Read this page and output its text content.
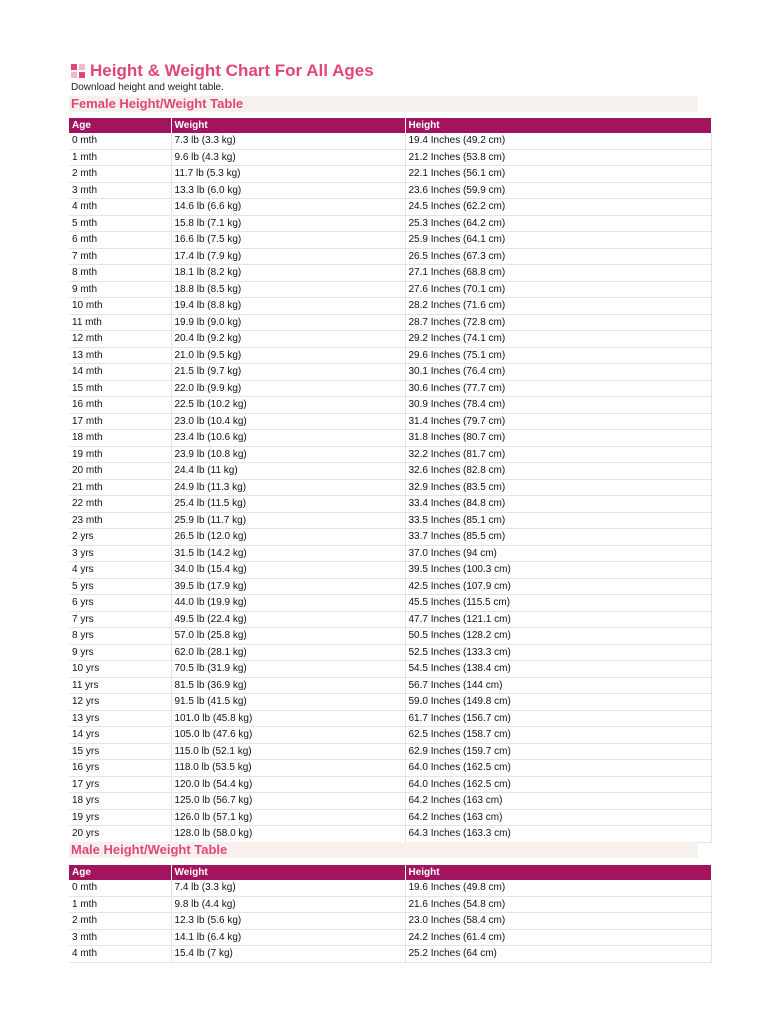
Height & Weight Chart For All Ages
Download height and weight table.
Female Height/Weight Table
Age	Weight	Height
0 mth	7.3 lb (3.3 kg)	19.4 Inches (49.2 cm)
1 mth	9.6 lb (4.3 kg)	21.2 Inches (53.8 cm)
2 mth	11.7 lb (5.3 kg)	22.1 Inches (56.1 cm)
3 mth	13.3 lb (6.0 kg)	23.6 Inches (59.9 cm)
4 mth	14.6 lb (6.6 kg)	24.5 Inches (62.2 cm)
5 mth	15.8 lb (7.1 kg)	25.3 Inches (64.2 cm)
6 mth	16.6 lb (7.5 kg)	25.9 Inches (64.1 cm)
7 mth	17.4 lb (7.9 kg)	26.5 Inches (67.3 cm)
8 mth	18.1 lb (8.2 kg)	27.1 Inches (68.8 cm)
9 mth	18.8 lb (8.5 kg)	27.6 Inches (70.1 cm)
10 mth	19.4 lb (8.8 kg)	28.2 Inches (71.6 cm)
11 mth	19.9 lb (9.0 kg)	28.7 Inches (72.8 cm)
12 mth	20.4 lb (9.2 kg)	29.2 Inches (74.1 cm)
13 mth	21.0 lb (9.5 kg)	29.6 Inches (75.1 cm)
14 mth	21.5 lb (9.7 kg)	30.1 Inches (76.4 cm)
15 mth	22.0 lb (9.9 kg)	30.6 Inches (77.7 cm)
16 mth	22.5 lb (10.2 kg)	30.9 Inches (78.4 cm)
17 mth	23.0 lb (10.4 kg)	31.4 Inches (79.7 cm)
18 mth	23.4 lb (10.6 kg)	31.8 Inches (80.7 cm)
19 mth	23.9 lb (10.8 kg)	32.2 Inches (81.7 cm)
20 mth	24.4 lb (11 kg)	32.6 Inches (82.8 cm)
21 mth	24.9 lb (11.3 kg)	32.9 Inches (83.5 cm)
22 mth	25.4 lb (11.5 kg)	33.4 Inches (84.8 cm)
23 mth	25.9 lb (11.7 kg)	33.5 Inches (85.1 cm)
2 yrs	26.5 lb (12.0 kg)	33.7 Inches (85.5 cm)
3 yrs	31.5 lb (14.2 kg)	37.0 Inches (94 cm)
4 yrs	34.0 lb (15.4 kg)	39.5 Inches (100.3 cm)
5 yrs	39.5 lb (17.9 kg)	42.5 Inches (107.9 cm)
6 yrs	44.0 lb (19.9 kg)	45.5 Inches (115.5 cm)
7 yrs	49.5 lb (22.4 kg)	47.7 Inches (121.1 cm)
8 yrs	57.0 lb (25.8 kg)	50.5 Inches (128.2 cm)
9 yrs	62.0 lb (28.1 kg)	52.5 Inches (133.3 cm)
10 yrs	70.5 lb (31.9 kg)	54.5 Inches (138.4 cm)
11 yrs	81.5 lb (36.9 kg)	56.7 Inches (144 cm)
12 yrs	91.5 lb (41.5 kg)	59.0 Inches (149.8 cm)
13 yrs	101.0 lb (45.8 kg)	61.7 Inches (156.7 cm)
14 yrs	105.0 lb (47.6 kg)	62.5 Inches (158.7 cm)
15 yrs	115.0 lb (52.1 kg)	62.9 Inches (159.7 cm)
16 yrs	118.0 lb (53.5 kg)	64.0 Inches (162.5 cm)
17 yrs	120.0 lb (54.4 kg)	64.0 Inches (162.5 cm)
18 yrs	125.0 lb (56.7 kg)	64.2 Inches (163 cm)
19 yrs	126.0 lb (57.1 kg)	64.2 Inches (163 cm)
20 yrs	128.0 lb (58.0 kg)	64.3 Inches (163.3 cm)
Male Height/Weight Table
Age	Weight	Height
0 mth	7.4 lb (3.3 kg)	19.6 Inches (49.8 cm)
1 mth	9.8 lb (4.4 kg)	21.6 Inches (54.8 cm)
2 mth	12.3 lb (5.6 kg)	23.0 Inches (58.4 cm)
3 mth	14.1 lb (6.4 kg)	24.2 Inches (61.4 cm)
4 mth	15.4 lb (7 kg)	25.2 Inches (64 cm)
